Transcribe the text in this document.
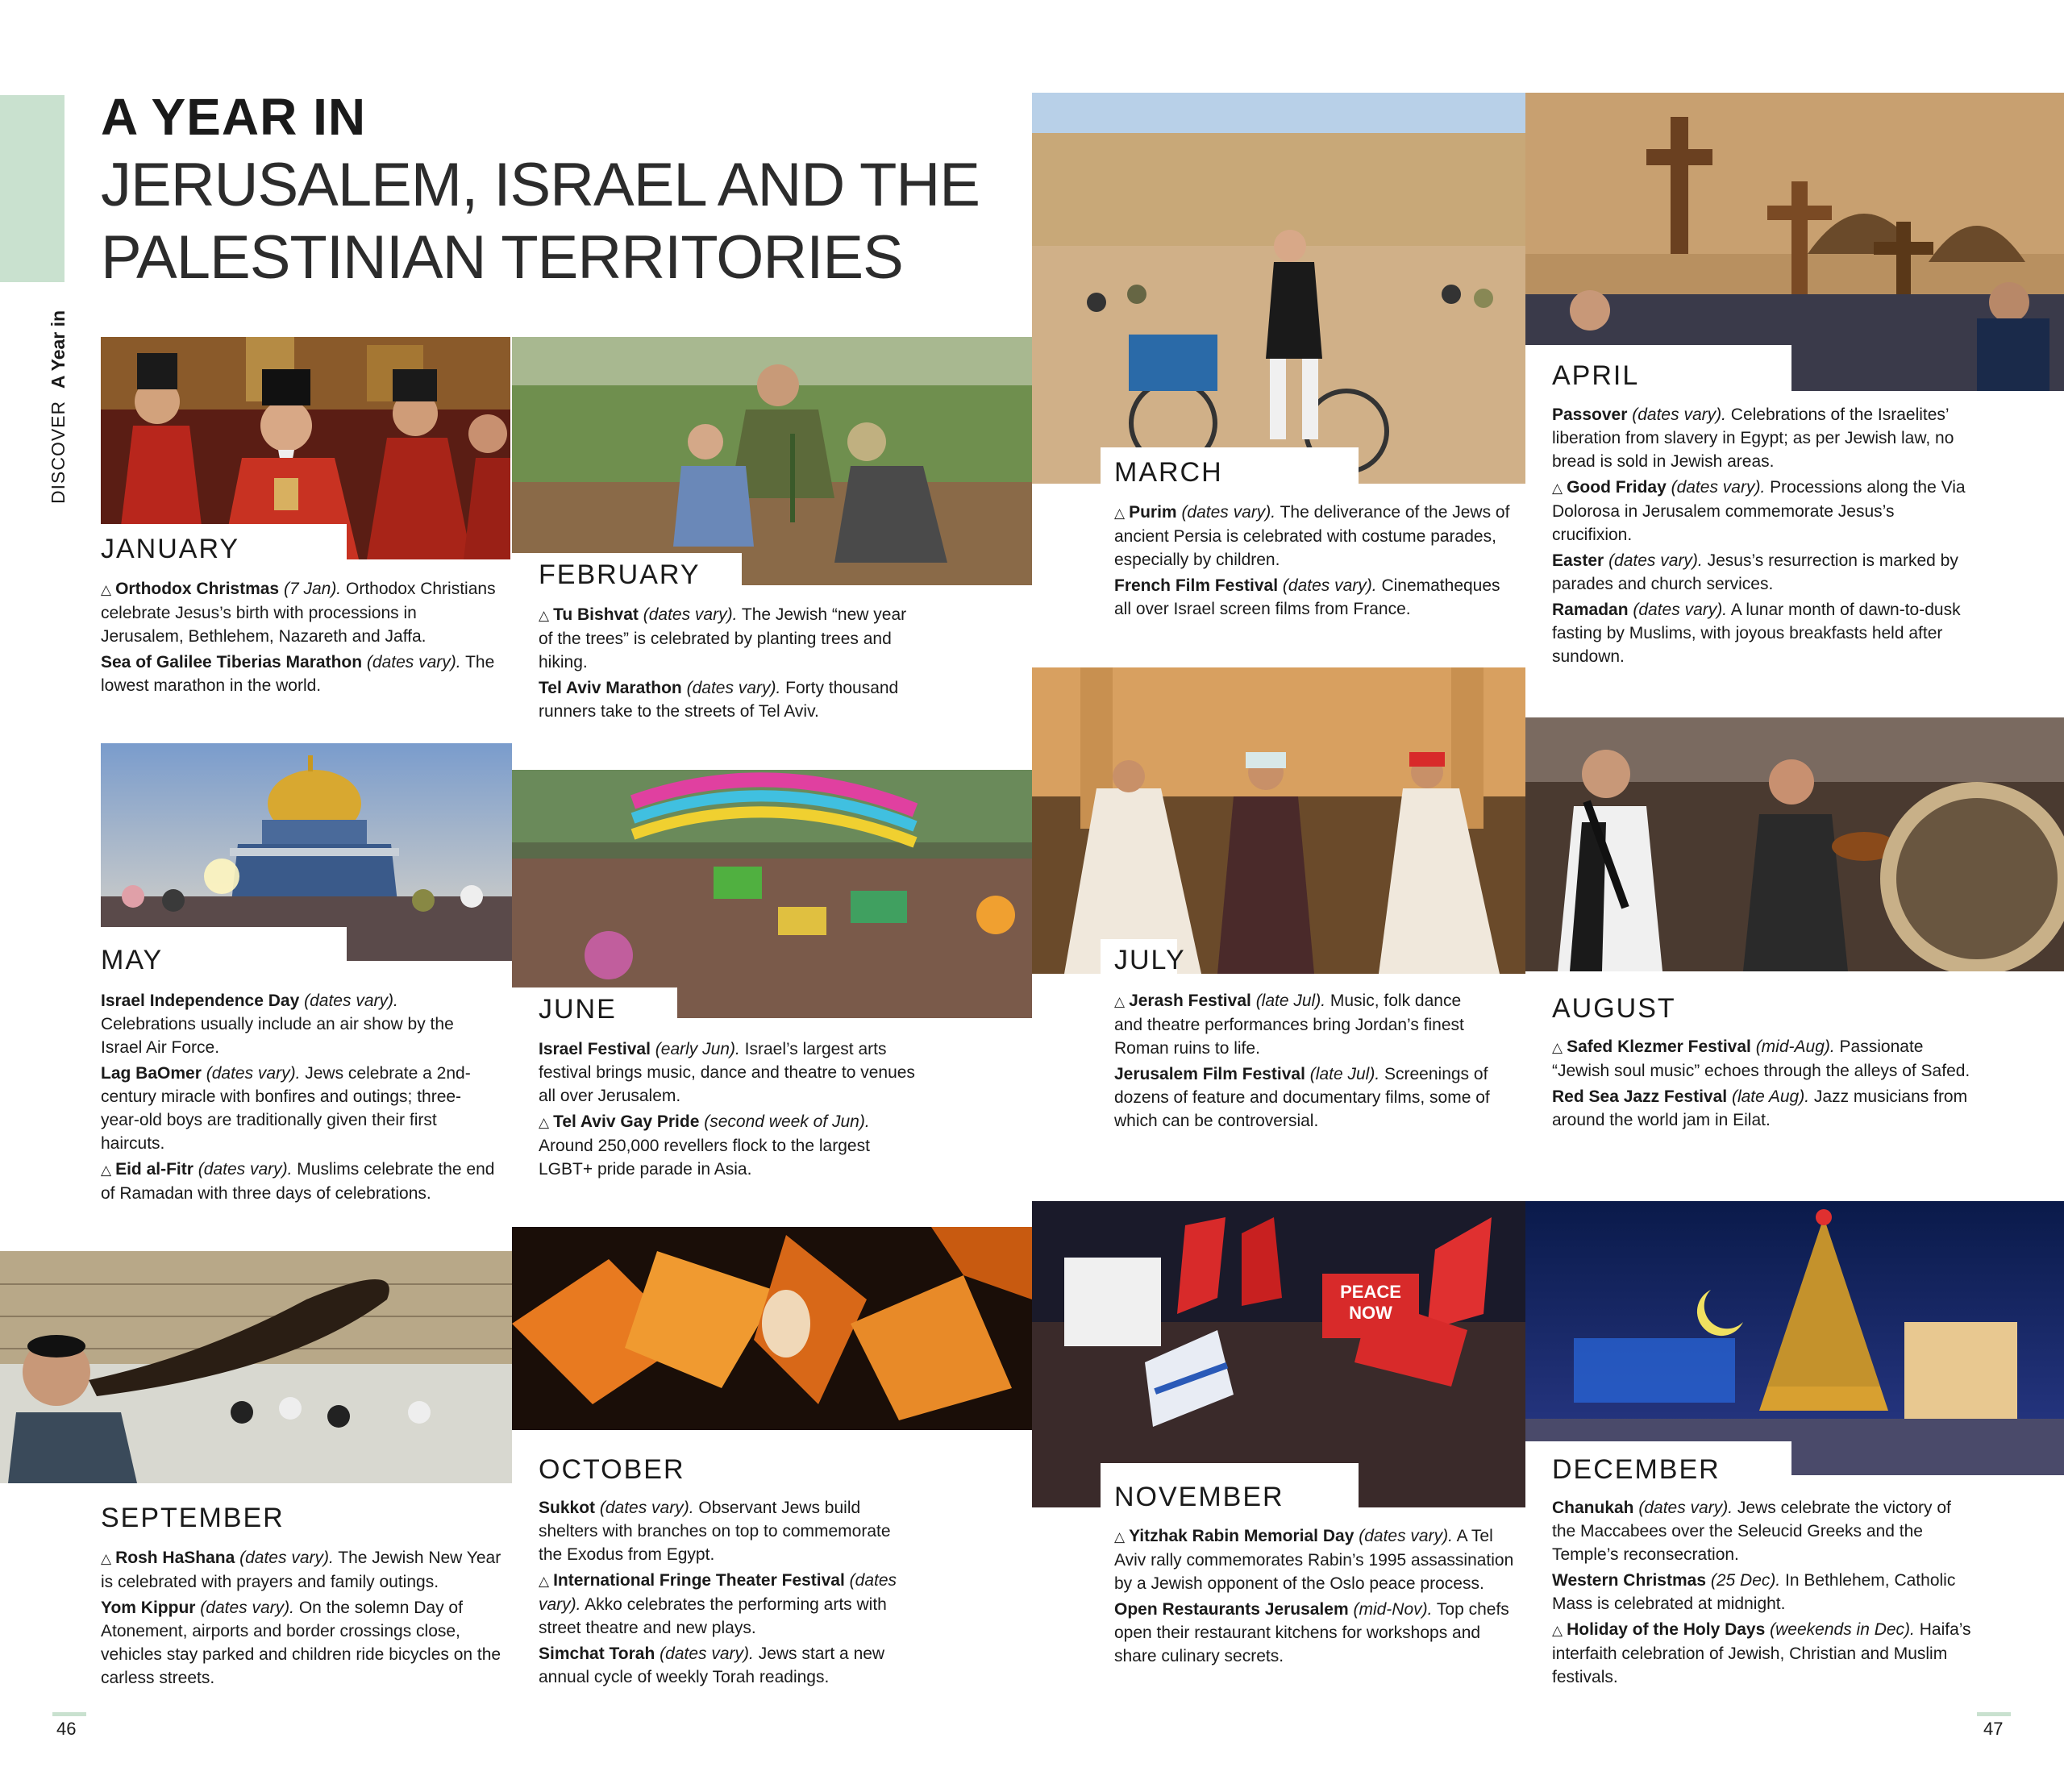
DISCOVER  A Year in
A YEAR IN
JERUSALEM, ISRAEL AND THE
PALESTINIAN TERRITORIES
PEACE
NOW
JANUARY
FEBRUARY
MARCH
APRIL
MAY
JUNE
JULY
AUGUST
SEPTEMBER
OCTOBER
NOVEMBER
DECEMBER

△ Orthodox Christmas (7 Jan). Orthodox Christians celebrate Jesus’s birth with processions in Jerusalem, Bethlehem, Nazareth and Jaffa.

Sea of Galilee Tiberias Marathon (dates vary). The lowest marathon in the world.

△ Tu Bishvat (dates vary). The Jewish “new year of the trees” is celebrated by planting trees and hiking.

Tel Aviv Marathon (dates vary). Forty thousand runners take to the streets of Tel Aviv.

△ Purim (dates vary). The deliverance of the Jews of ancient Persia is celebrated with costume parades, especially by children.

French Film Festival (dates vary). Cinematheques all over Israel screen films from France.

Passover (dates vary). Celebrations of the Israelites’ liberation from slavery in Egypt; as per Jewish law, no bread is sold in Jewish areas.

△ Good Friday (dates vary). Processions along the Via Dolorosa in Jerusalem commemorate Jesus’s crucifixion.

Easter (dates vary). Jesus’s resurrection is marked by parades and church services.

Ramadan (dates vary). A lunar month of dawn-to-dusk fasting by Muslims, with joyous breakfasts held after sundown.

Israel Independence Day (dates vary). Celebrations usually include an air show by the Israel Air Force.

Lag BaOmer (dates vary). Jews celebrate a 2nd-century miracle with bonfires and outings; three-year-old boys are traditionally given their first haircuts.

△ Eid al-Fitr (dates vary). Muslims celebrate the end of Ramadan with three days of celebrations.

Israel Festival (early Jun). Israel’s largest arts festival brings music, dance and theatre to venues all over Jerusalem.

△ Tel Aviv Gay Pride (second week of Jun). Around 250,000 revellers flock to the largest LGBT+ pride parade in Asia.

△ Jerash Festival (late Jul). Music, folk dance and theatre performances bring Jordan’s finest Roman ruins to life.

Jerusalem Film Festival (late Jul). Screenings of dozens of feature and documentary films, some of which can be controversial.

△ Safed Klezmer Festival (mid-Aug). Passionate “Jewish soul music” echoes through the alleys of Safed.

Red Sea Jazz Festival (late Aug). Jazz musicians from around the world jam in Eilat.

△ Rosh HaShana (dates vary). The Jewish New Year is celebrated with prayers and family outings.

Yom Kippur (dates vary). On the solemn Day of Atonement, airports and border crossings close, vehicles stay parked and children ride bicycles on the carless streets.

Sukkot (dates vary). Observant Jews build shelters with branches on top to commemorate the Exodus from Egypt.

△ International Fringe Theater Festival (dates vary). Akko celebrates the performing arts with street theatre and new plays.

Simchat Torah (dates vary). Jews start a new annual cycle of weekly Torah readings.

△ Yitzhak Rabin Memorial Day (dates vary). A Tel Aviv rally commemorates Rabin’s 1995 assassination by a Jewish opponent of the Oslo peace process.

Open Restaurants Jerusalem (mid-Nov). Top chefs open their restaurant kitchens for workshops and share culinary secrets.

Chanukah (dates vary). Jews celebrate the victory of the Maccabees over the Seleucid Greeks and the Temple’s reconsecration.

Western Christmas (25 Dec). In Bethlehem, Catholic Mass is celebrated at midnight.

△ Holiday of the Holy Days (weekends in Dec). Haifa’s interfaith celebration of Jewish, Christian and Muslim festivals.

46	47
